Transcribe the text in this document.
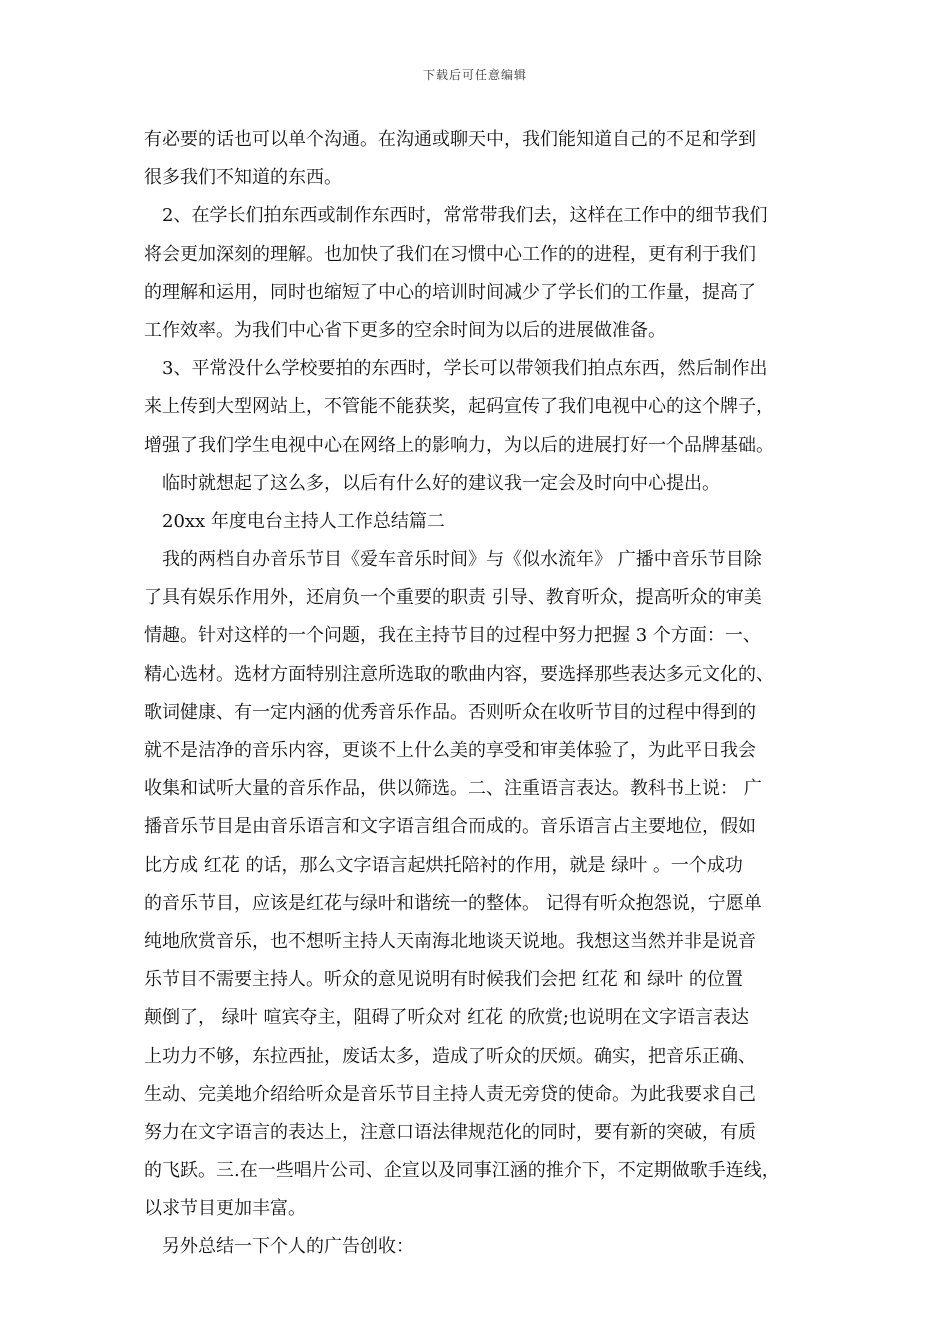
下载后可任意编辑
有必要的话也可以单个沟通。在沟通或聊天中，我们能知道自己的不足和学到
很多我们不知道的东西。
2、在学长们拍东西或制作东西时，常常带我们去，这样在工作中的细节我们
将会更加深刻的理解。也加快了我们在习惯中心工作的的进程，更有利于我们
的理解和运用，同时也缩短了中心的培训时间减少了学长们的工作量，提高了
工作效率。为我们中心省下更多的空余时间为以后的进展做准备。
3、平常没什么学校要拍的东西时，学长可以带领我们拍点东西，然后制作出
来上传到大型网站上，不管能不能获奖，起码宣传了我们电视中心的这个牌子，
增强了我们学生电视中心在网络上的影响力，为以后的进展打好一个品牌基础。
临时就想起了这么多，以后有什么好的建议我一定会及时向中心提出。
20xx 年度电台主持人工作总结篇二
我的两档自办音乐节目《爱车音乐时间》与《似水流年》 广播中音乐节目除
了具有娱乐作用外，还肩负一个重要的职责 引导、教育听众，提高听众的审美
情趣。针对这样的一个问题，我在主持节目的过程中努力把握 3 个方面：一、
精心选材。选材方面特别注意所选取的歌曲内容，要选择那些表达多元文化的、
歌词健康、有一定内涵的优秀音乐作品。否则听众在收听节目的过程中得到的
就不是洁净的音乐内容，更谈不上什么美的享受和审美体验了，为此平日我会
收集和试听大量的音乐作品，供以筛选。二、注重语言表达。教科书上说： 广
播音乐节目是由音乐语言和文字语言组合而成的。音乐语言占主要地位，假如
比方成 红花 的话，那么文字语言起烘托陪衬的作用，就是 绿叶 。一个成功
的音乐节目，应该是红花与绿叶和谐统一的整体。 记得有听众抱怨说，宁愿单
纯地欣赏音乐，也不想听主持人天南海北地谈天说地。我想这当然并非是说音
乐节目不需要主持人。听众的意见说明有时候我们会把 红花 和 绿叶 的位置
颠倒了， 绿叶 喧宾夺主，阻碍了听众对 红花 的欣赏;也说明在文字语言表达
上功力不够，东拉西扯，废话太多，造成了听众的厌烦。确实，把音乐正确、
生动、完美地介绍给听众是音乐节目主持人责无旁贷的使命。为此我要求自己
努力在文字语言的表达上，注意口语法律规范化的同时，要有新的突破，有质
的飞跃。三.在一些唱片公司、企宣以及同事江涵的推介下，不定期做歌手连线，
以求节目更加丰富。
另外总结一下个人的广告创收：
